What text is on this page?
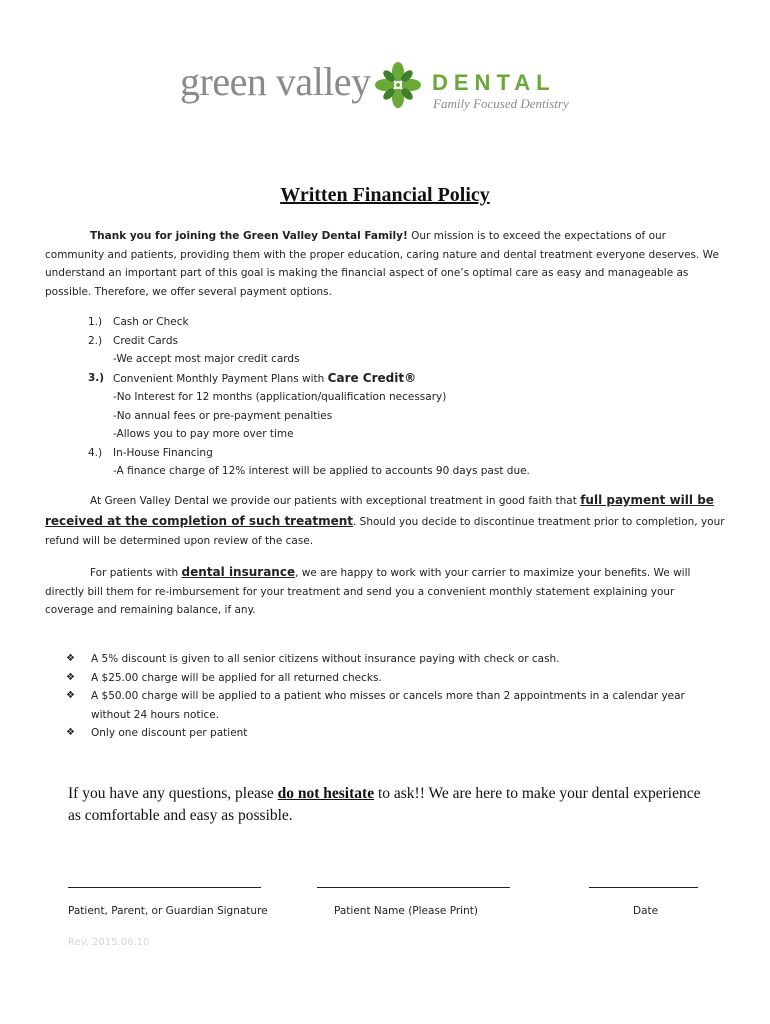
green valley	DENTAL
Family Focused Dentistry
Written Financial Policy
Thank you for joining the Green Valley Dental Family! Our mission is to exceed the expectations of our community and patients, providing them with the proper education, caring nature and dental treatment everyone deserves. We understand an important part of this goal is making the financial aspect of one’s optimal care as easy and manageable as possible. Therefore, we offer several payment options.
1.) Cash or Check
2.) Credit Cards
-We accept most major credit cards
3.) Convenient Monthly Payment Plans with Care Credit®
-No Interest for 12 months (application/qualification necessary)
-No annual fees or pre-payment penalties
-Allows you to pay more over time
4.) In-House Financing
-A finance charge of 12% interest will be applied to accounts 90 days past due.
At Green Valley Dental we provide our patients with exceptional treatment in good faith that full payment will be received at the completion of such treatment. Should you decide to discontinue treatment prior to completion, your refund will be determined upon review of the case.
For patients with dental insurance, we are happy to work with your carrier to maximize your benefits. We will directly bill them for re-imbursement for your treatment and send you a convenient monthly statement explaining your coverage and remaining balance, if any.
❖ A 5% discount is given to all senior citizens without insurance paying with check or cash.
❖ A $25.00 charge will be applied for all returned checks.
❖ A $50.00 charge will be applied to a patient who misses or cancels more than 2 appointments in a calendar year without 24 hours notice.
❖ Only one discount per patient
If you have any questions, please do not hesitate to ask!! We are here to make your dental experience as comfortable and easy as possible.
Patient, Parent, or Guardian Signature	Patient Name (Please Print)	Date
Rev. 2015.06.10
